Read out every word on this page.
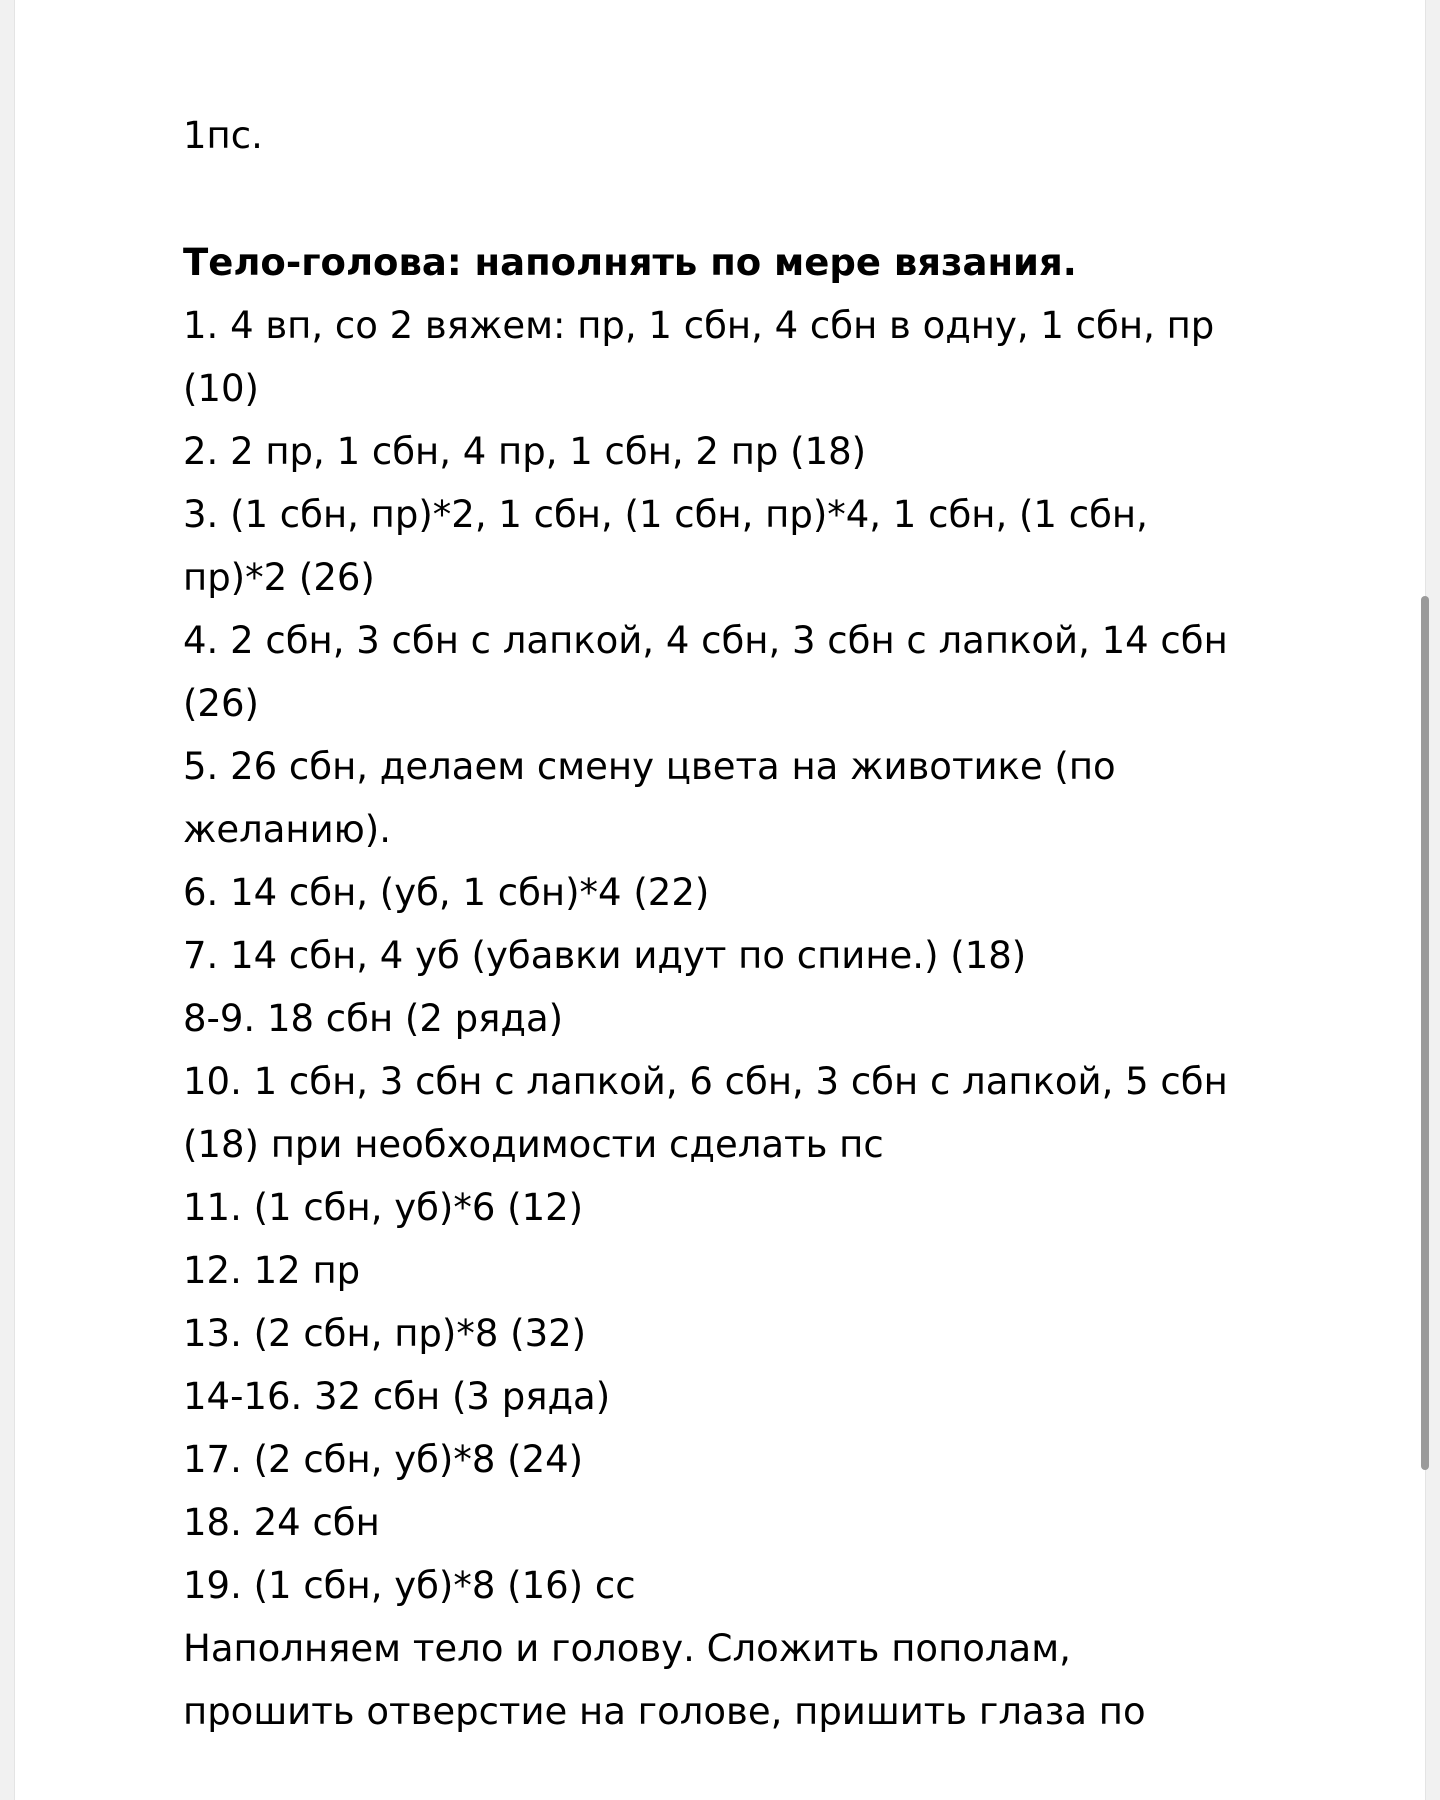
1пс.

Тело-голова: наполнять по мере вязания.

1. 4 вп, со 2 вяжем: пр, 1 сбн, 4 сбн в одну, 1 сбн, пр

(10)

2. 2 пр, 1 сбн, 4 пр, 1 сбн, 2 пр (18)

3. (1 сбн, пр)*2, 1 сбн, (1 сбн, пр)*4, 1 сбн, (1 сбн,

пр)*2 (26)

4. 2 сбн, 3 сбн с лапкой, 4 сбн, 3 сбн с лапкой, 14 сбн

(26)

5. 26 сбн, делаем смену цвета на животике (по

желанию).

6. 14 сбн, (уб, 1 сбн)*4 (22)

7. 14 сбн, 4 уб (убавки идут по спине.) (18)

8-9. 18 сбн (2 ряда)

10. 1 сбн, 3 сбн с лапкой, 6 сбн, 3 сбн с лапкой, 5 сбн

(18) при необходимости сделать пс

11. (1 сбн, уб)*6 (12)

12. 12 пр

13. (2 сбн, пр)*8 (32)

14-16. 32 сбн (3 ряда)

17. (2 сбн, уб)*8 (24)

18. 24 сбн

19. (1 сбн, уб)*8 (16) сс

Наполняем тело и голову. Сложить пополам,

прошить отверстие на голове, пришить глаза по
